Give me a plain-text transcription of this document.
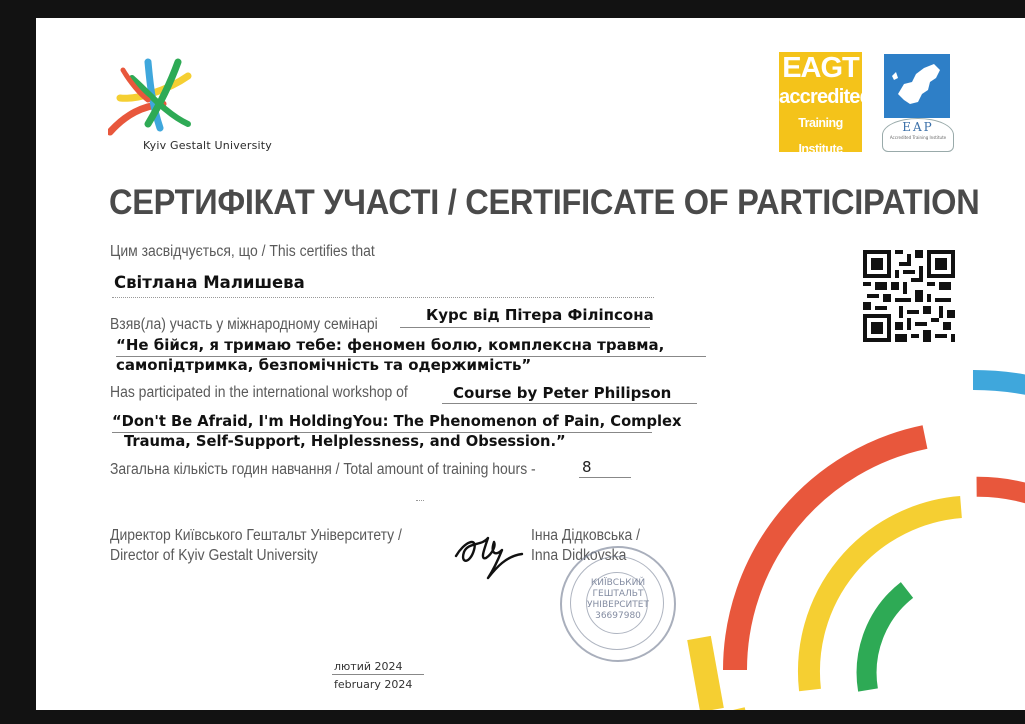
Kyiv Gestalt University
EAGT
accredited
Training Institute
EAP
Accredited Training Institute
СЕРТИФІКАТ УЧАСТІ / CERTIFICATE OF PARTICIPATION
Цим засвідчується, що / This certifies that
Світлана Малишева
Взяв(ла) участь у міжнародному семінарі
Курс від Пітера Філіпсона
“Не бійся, я тримаю тебе: феномен болю, комплексна травма,
самопідтримка, безпомічність та одержимість”
Has participated in the international workshop of	Course by Peter Philipson
“Don't Be Afraid, I'm HoldingYou: The Phenomenon of Pain, Complex
Trauma, Self-Support, Helplessness, and Obsession.”
Загальна кількість годин навчання / Total amount of training hours -	8
Директор Київського Гештальт Університету /
Director of Kyiv Gestalt University
Інна Дідковська /
Inna Didkovska
КИЇВСЬКИЙ
ГЕШТАЛЬТ
УНІВЕРСИТЕТ
36697980
лютий 2024
february 2024
